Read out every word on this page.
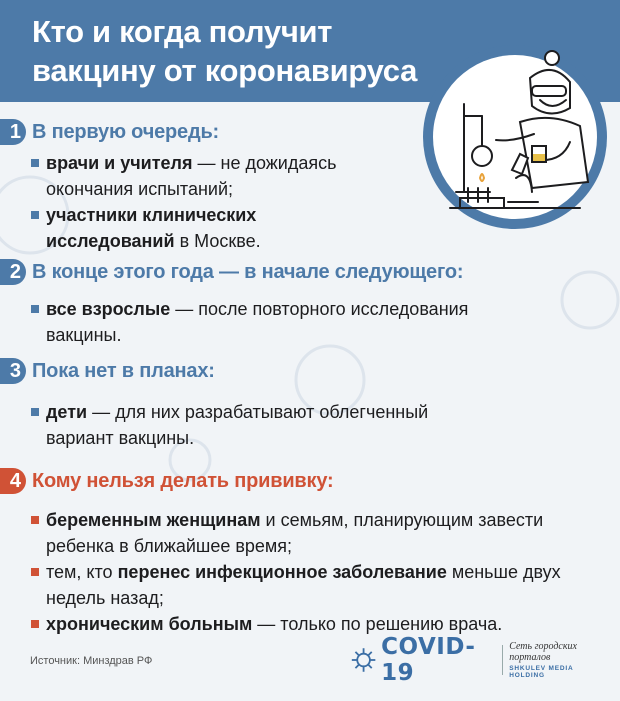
Кто и когда получит вакцину от коронавируса
1 В первую очередь:
врачи и учителя — не дожидаясь окончания испытаний;
участники клинических исследований в Москве.
2 В конце этого года — в начале следующего:
все взрослые — после повторного исследования вакцины.
3 Пока нет в планах:
дети — для них разрабатывают облегченный вариант вакцины.
4 Кому нельзя делать прививку:
беременным женщинам и семьям, планирующим завести ребенка в ближайшее время;
тем, кто перенес инфекционное заболевание меньше двух недель назад;
хроническим больным — только по решению врача.
Источник: Минздрав РФ
COVID-19
Сеть городских порталов
SHKULEV MEDIA HOLDING
